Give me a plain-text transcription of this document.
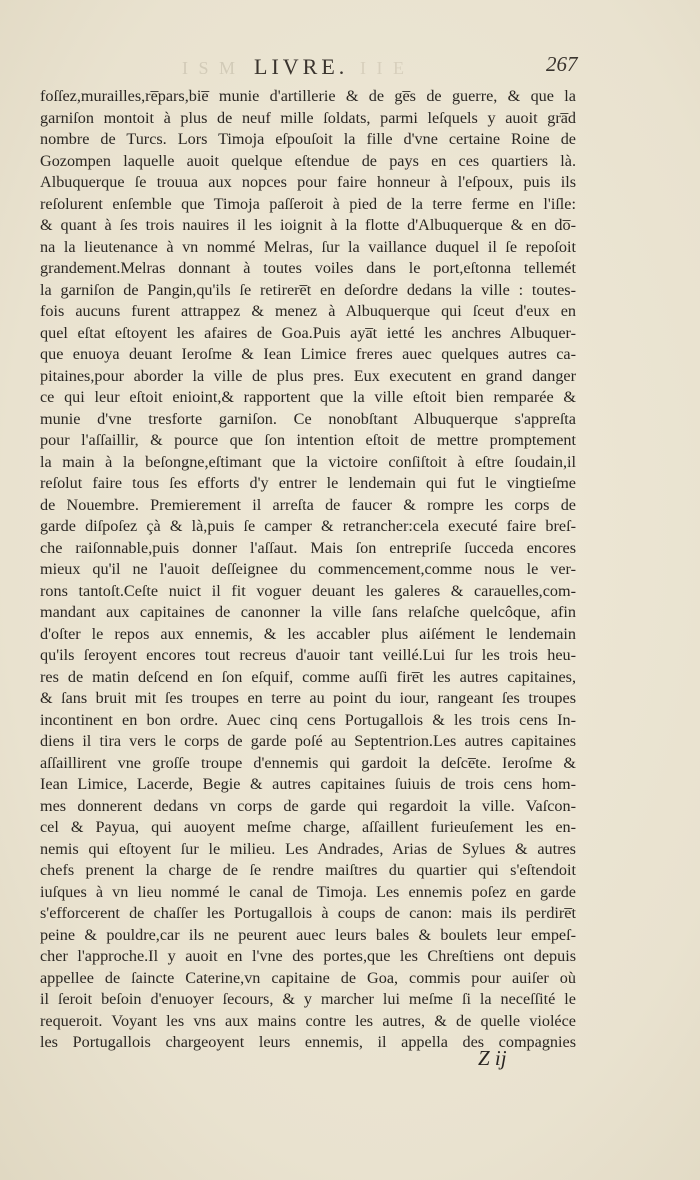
I S M LIVRE. I I E	267
foſſez,murailles,re̅pars,bie̅ munie d'artillerie & de ge̅s de guerre, & que la
garniſon montoit à plus de neuf mille ſoldats, parmi leſquels y auoit gra̅d
nombre de Turcs. Lors Timoja eſpouſoit la fille d'vne certaine Roine de
Gozompen laquelle auoit quelque eſtendue de pays en ces quartiers là.
Albuquerque ſe trouua aux nopces pour faire honneur à l'eſpoux, puis ils
reſolurent enſemble que Timoja paſſeroit à pied de la terre ferme en l'iſle:
& quant à ſes trois nauires il les ioignit à la flotte d'Albuquerque & en do̅-
na la lieutenance à vn nommé Melras, ſur la vaillance duquel il ſe repoſoit
grandement.Melras donnant à toutes voiles dans le port,eſtonna tellemét
la garniſon de Pangin,qu'ils ſe retirere̅t en deſordre dedans la ville : toutes-
fois aucuns furent attrappez & menez à Albuquerque qui ſceut d'eux en
quel eſtat eſtoyent les afaires de Goa.Puis aya̅t ietté les anchres Albuquer-
que enuoya deuant Ieroſme & Iean Limice freres auec quelques autres ca-
pitaines,pour aborder la ville de plus pres. Eux executent en grand danger
ce qui leur eſtoit enioint,& rapportent que la ville eſtoit bien remparée &
munie d'vne tresforte garniſon. Ce nonobſtant Albuquerque s'appreſta
pour l'aſſaillir, & pource que ſon intention eſtoit de mettre promptement
la main à la beſongne,eſtimant que la victoire conſiſtoit à eſtre ſoudain,il
reſolut faire tous ſes efforts d'y entrer le lendemain qui fut le vingtieſme
de Nouembre. Premierement il arreſta de faucer & rompre les corps de
garde diſpoſez çà & là,puis ſe camper & retrancher:cela executé faire breſ-
che raiſonnable,puis donner l'aſſaut. Mais ſon entrepriſe ſucceda encores
mieux qu'il ne l'auoit deſſeignee du commencement,comme nous le ver-
rons tantoſt.Ceſte nuict il fit voguer deuant les galeres & carauelles,com-
mandant aux capitaines de canonner la ville ſans relaſche quelcôque, afin
d'oſter le repos aux ennemis, & les accabler plus aiſément le lendemain
qu'ils ſeroyent encores tout recreus d'auoir tant veillé.Lui ſur les trois heu-
res de matin deſcend en ſon eſquif, comme auſſi fire̅t les autres capitaines,
& ſans bruit mit ſes troupes en terre au point du iour, rangeant ſes troupes
incontinent en bon ordre. Auec cinq cens Portugallois & les trois cens In-
diens il tira vers le corps de garde poſé au Septentrion.Les autres capitaines
aſſaillirent vne groſſe troupe d'ennemis qui gardoit la deſce̅te. Ieroſme &
Iean Limice, Lacerde, Begie & autres capitaines ſuiuis de trois cens hom-
mes donnerent dedans vn corps de garde qui regardoit la ville. Vaſcon-
cel & Payua, qui auoyent meſme charge, aſſaillent furieuſement les en-
nemis qui eſtoyent ſur le milieu. Les Andrades, Arias de Sylues & autres
chefs prenent la charge de ſe rendre maiſtres du quartier qui s'eſtendoit
iuſques à vn lieu nommé le canal de Timoja. Les ennemis poſez en garde
s'efforcerent de chaſſer les Portugallois à coups de canon: mais ils perdire̅t
peine & pouldre,car ils ne peurent auec leurs bales & boulets leur empeſ-
cher l'approche.Il y auoit en l'vne des portes,que les Chreſtiens ont depuis
appellee de ſaincte Caterine,vn capitaine de Goa, commis pour auiſer où
il ſeroit beſoin d'enuoyer ſecours, & y marcher lui meſme ſi la neceſſité le
requeroit. Voyant les vns aux mains contre les autres, & de quelle violéce
les Portugallois chargeoyent leurs ennemis, il appella des compagnies
Z ij
